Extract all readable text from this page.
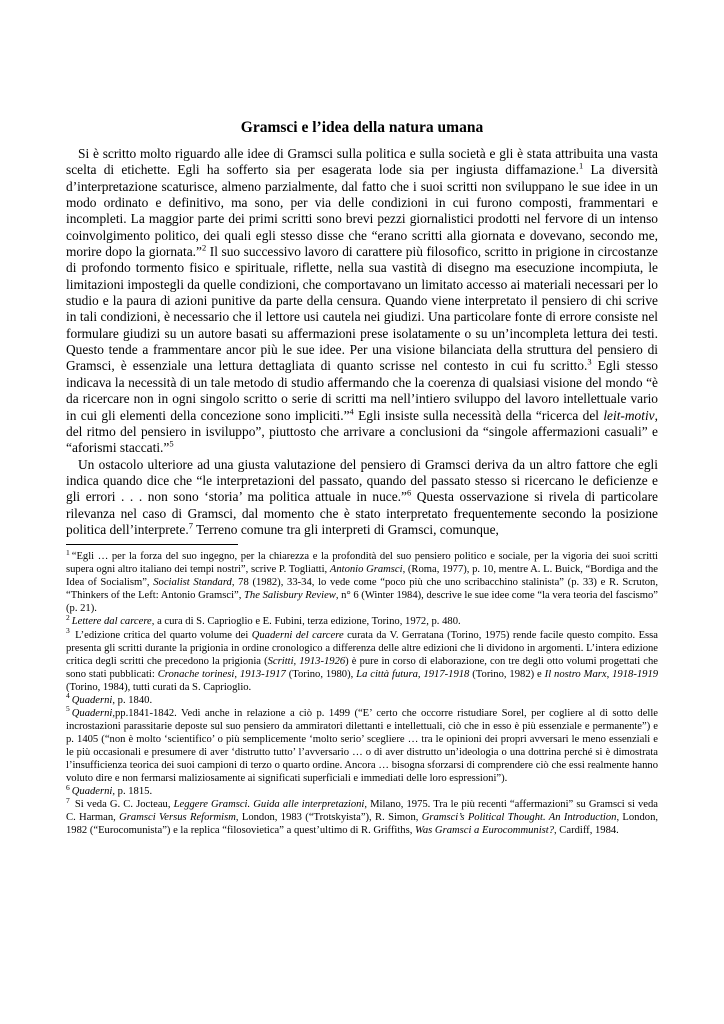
Gramsci e l’idea della natura umana

Si è scritto molto riguardo alle idee di Gramsci sulla politica e sulla società e gli è stata attribuita una vasta scelta di etichette. Egli ha sofferto sia per esagerata lode sia per ingiusta diffamazione.$^1$ La diversità d’interpretazione scaturisce, almeno parzialmente, dal fatto che i suoi scritti non sviluppano le sue idee in un modo ordinato e definitivo, ma sono, per via delle condizioni in cui furono composti, frammentari e incompleti. La maggior parte dei primi scritti sono brevi pezzi giornalistici prodotti nel fervore di un intenso coinvolgimento politico, dei quali egli stesso disse che “erano scritti alla giornata e dovevano, secondo me, morire dopo la giornata.”$^2$ Il suo successivo lavoro di carattere più filosofico, scritto in prigione in circostanze di profondo tormento fisico e spirituale, riflette, nella sua vastità di disegno ma esecuzione incompiuta, le limitazioni impostegli da quelle condizioni, che comportavano un limitato accesso ai materiali necessari per lo studio e la paura di azioni punitive da parte della censura. Quando viene interpretato il pensiero di chi scrive in tali condizioni, è necessario che il lettore usi cautela nei giudizi. Una particolare fonte di errore consiste nel formulare giudizi su un autore basati su affermazioni prese isolatamente o su un’incompleta lettura dei testi. Questo tende a frammentare ancor più le sue idee. Per una visione bilanciata della struttura del pensiero di Gramsci, è essenziale una lettura dettagliata di quanto scrisse nel contesto in cui fu scritto.$^3$ Egli stesso indicava la necessità di un tale metodo di studio affermando che la coerenza di qualsiasi visione del mondo “è da ricercare non in ogni singolo scritto o serie di scritti ma nell’intiero sviluppo del lavoro intellettuale vario in cui gli elementi della concezione sono impliciti.”$^4$ Egli insiste sulla necessità della “ricerca del leit-motiv, del ritmo del pensiero in isviluppo”, piuttosto che arrivare a conclusioni da “singole affermazioni casuali” e “aforismi staccati.”$^5$

Un ostacolo ulteriore ad una giusta valutazione del pensiero di Gramsci deriva da un altro fattore che egli indica quando dice che “le interpretazioni del passato, quando del passato stesso si ricercano le deficienze e gli errori . . . non sono ‘storia’ ma politica attuale in nuce.”$^6$ Questa osservazione si rivela di particolare rilevanza nel caso di Gramsci, dal momento che è stato interpretato frequentemente secondo la posizione politica dell’interprete.$^7$ Terreno comune tra gli interpreti di Gramsci, comunque,

$^1$ “Egli … per la forza del suo ingegno, per la chiarezza e la profondità del suo pensiero politico e sociale, per la vigoria dei suoi scritti supera ogni altro italiano dei tempi nostri”, scrive P. Togliatti, Antonio Gramsci, (Roma, 1977), p. 10, mentre A. L. Buick, “Bordiga and the Idea of Socialism”, Socialist Standard, 78 (1982), 33-34, lo vede come “poco più che uno scribacchino stalinista” (p. 33) e R. Scruton, “Thinkers of the Left: Antonio Gramsci”, The Salisbury Review, n° 6 (Winter 1984), descrive le sue idee come “la vera teoria del fascismo” (p. 21).

$^2$ Lettere dal carcere, a cura di S. Caprioglio e E. Fubini, terza edizione, Torino, 1972, p. 480.

$^3$ L’edizione critica del quarto volume dei Quaderni del carcere curata da V. Gerratana (Torino, 1975) rende facile questo compito. Essa presenta gli scritti durante la prigionia in ordine cronologico a differenza delle altre edizioni che li dividono in argomenti. L’intera edizione critica degli scritti che precedono la prigionia (Scritti, 1913-1926) è pure in corso di elaborazione, con tre degli otto volumi progettati che sono stati pubblicati: Cronache torinesi, 1913-1917 (Torino, 1980), La città futura, 1917-1918 (Torino, 1982) e Il nostro Marx, 1918-1919 (Torino, 1984), tutti curati da S. Caprioglio.

$^4$ Quaderni, p. 1840.

$^5$ Quaderni,pp.1841-1842. Vedi anche in relazione a ciò p. 1499 (“E’ certo che occorre ristudiare Sorel, per cogliere al di sotto delle incrostazioni parassitarie deposte sul suo pensiero da ammiratori dilettanti e intellettuali, ciò che in esso è più essenziale e permanente”) e p. 1405 (“non è molto ‘scientifico’ o più semplicemente ‘molto serio’ scegliere … tra le opinioni dei propri avversari le meno essenziali e le più occasionali e presumere di aver ‘distrutto tutto’ l’avversario … o di aver distrutto un’ideologia o una dottrina perché si è dimostrata l’insufficienza teorica dei suoi campioni di terzo o quarto ordine. Ancora … bisogna sforzarsi di comprendere ciò che essi realmente hanno voluto dire e non fermarsi maliziosamente ai significati superficiali e immediati delle loro espressioni”).

$^6$ Quaderni, p. 1815.

$^7$ Si veda G. C. Jocteau, Leggere Gramsci. Guida alle interpretazioni, Milano, 1975. Tra le più recenti “affermazioni” su Gramsci si veda C. Harman, Gramsci Versus Reformism, London, 1983 (“Trotskyista”), R. Simon, Gramsci’s Political Thought. An Introduction, London, 1982 (“Eurocomunista”) e la replica “filosovietica” a quest’ultimo di R. Griffiths, Was Gramsci a Eurocommunist?, Cardiff, 1984.
